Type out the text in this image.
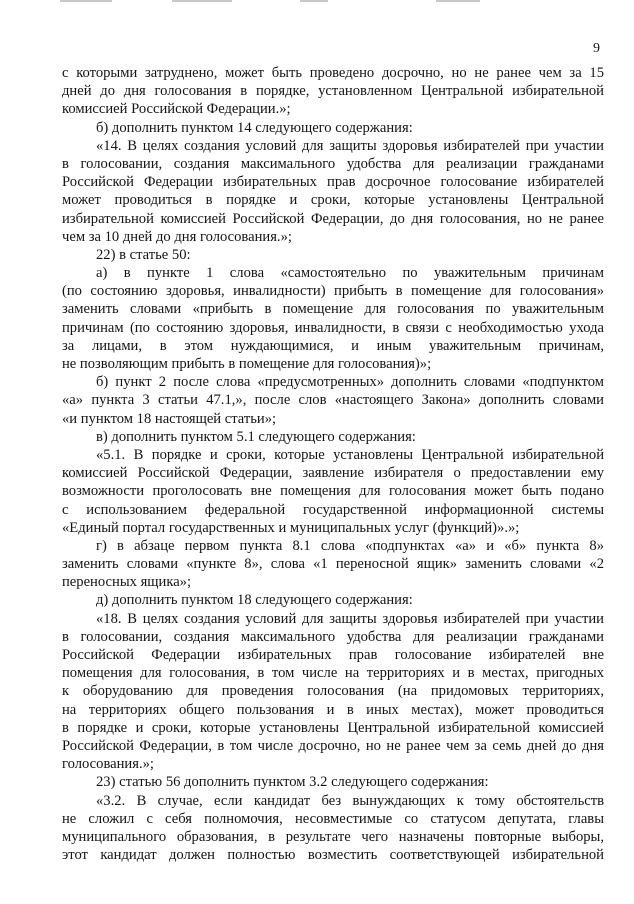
9
с которыми затруднено, может быть проведено досрочно, но не ранее чем за 15
дней до дня голосования в порядке, установленном Центральной избирательной
комиссией Российской Федерации.»;
б) дополнить пунктом 14 следующего содержания:
«14. В целях создания условий для защиты здоровья избирателей при участии
в голосовании, создания максимального удобства для реализации гражданами
Российской Федерации избирательных прав досрочное голосование избирателей
может проводиться в порядке и сроки, которые установлены Центральной
избирательной комиссией Российской Федерации, до дня голосования, но не ранее
чем за 10 дней до дня голосования.»;
22) в статье 50:
а) в пункте 1 слова «самостоятельно по уважительным причинам
(по состоянию здоровья, инвалидности) прибыть в помещение для голосования»
заменить словами «прибыть в помещение для голосования по уважительным
причинам (по состоянию здоровья, инвалидности, в связи с необходимостью ухода
за лицами, в этом нуждающимися, и иным уважительным причинам,
не позволяющим прибыть в помещение для голосования)»;
б) пункт 2 после слова «предусмотренных» дополнить словами «подпунктом
«а» пункта 3 статьи 47.1,», после слов «настоящего Закона» дополнить словами
«и пунктом 18 настоящей статьи»;
в) дополнить пунктом 5.1 следующего содержания:
«5.1. В порядке и сроки, которые установлены Центральной избирательной
комиссией Российской Федерации, заявление избирателя о предоставлении ему
возможности проголосовать вне помещения для голосования может быть подано
с использованием федеральной государственной информационной системы
«Единый портал государственных и муниципальных услуг (функций)».»;
г) в абзаце первом пункта 8.1 слова «подпунктах «а» и «б» пункта 8»
заменить словами «пункте 8», слова «1 переносной ящик» заменить словами «2
переносных ящика»;
д) дополнить пунктом 18 следующего содержания:
«18. В целях создания условий для защиты здоровья избирателей при участии
в голосовании, создания максимального удобства для реализации гражданами
Российской Федерации избирательных прав голосование избирателей вне
помещения для голосования, в том числе на территориях и в местах, пригодных
к оборудованию для проведения голосования (на придомовых территориях,
на территориях общего пользования и в иных местах), может проводиться
в порядке и сроки, которые установлены Центральной избирательной комиссией
Российской Федерации, в том числе досрочно, но не ранее чем за семь дней до дня
голосования.»;
23) статью 56 дополнить пунктом 3.2 следующего содержания:
«3.2. В случае, если кандидат без вынуждающих к тому обстоятельств
не сложил с себя полномочия, несовместимые со статусом депутата, главы
муниципального образования, в результате чего назначены повторные выборы,
этот кандидат должен полностью возместить соответствующей избирательной
